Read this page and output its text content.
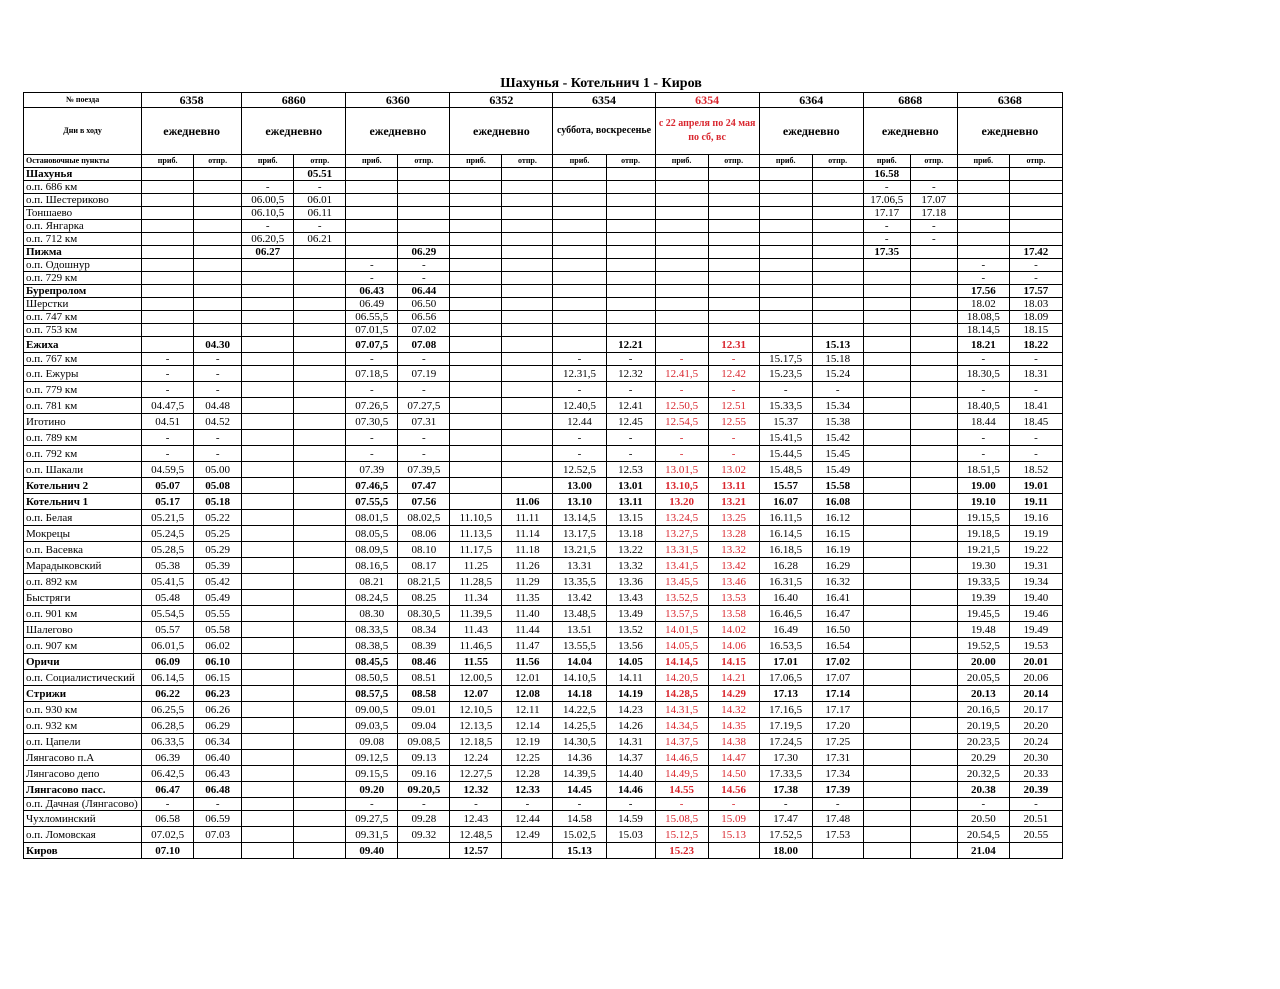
Шахунья - Котельнич 1 - Киров
№ поезда	6358		6860		6360		6352		6354		6354		6364		6868		6368	
Дни в ходу	ежедневно		ежедневно		ежедневно		ежедневно		суббота, воскресенье		с 22 апреля по 24 мая по сб, вс		ежедневно		ежедневно		ежедневно	
Остановочные пункты	приб.	отпр.	приб.	отпр.	приб.	отпр.	приб.	отпр.	приб.	отпр.	приб.	отпр.	приб.	отпр.	приб.	отпр.	приб.	отпр.
Шахунья				05.51											16.58			
о.п. 686 км			-	-											-	-		
о.п. Шестериково			06.00,5	06.01											17.06,5	17.07		
Тоншаево			06.10,5	06.11											17.17	17.18		
о.п. Янгарка			-	-											-	-		
о.п. 712 км			06.20,5	06.21											-	-		
Пижма			06.27			06.29									17.35			17.42
о.п. Одошнур					-	-											-	-
о.п. 729 км					-	-											-	-
Бурепролом					06.43	06.44											17.56	17.57
Шерстки					06.49	06.50											18.02	18.03
о.п. 747 км					06.55,5	06.56											18.08,5	18.09
о.п. 753 км					07.01,5	07.02											18.14,5	18.15
Ежиха		04.30			07.07,5	07.08				12.21		12.31		15.13			18.21	18.22
о.п. 767 км	-	-			-	-			-	-	-	-	15.17,5	15.18			-	-
о.п. Ежуры	-	-			07.18,5	07.19			12.31,5	12.32	12.41,5	12.42	15.23,5	15.24			18.30,5	18.31
о.п. 779 км	-	-			-	-			-	-	-	-	-	-			-	-
о.п. 781 км	04.47,5	04.48			07.26,5	07.27,5			12.40,5	12.41	12.50,5	12.51	15.33,5	15.34			18.40,5	18.41
Иготино	04.51	04.52			07.30,5	07.31			12.44	12.45	12.54,5	12.55	15.37	15.38			18.44	18.45
о.п. 789 км	-	-			-	-			-	-	-	-	15.41,5	15.42			-	-
о.п. 792 км	-	-			-	-			-	-	-	-	15.44,5	15.45			-	-
о.п. Шакали	04.59,5	05.00			07.39	07.39,5			12.52,5	12.53	13.01,5	13.02	15.48,5	15.49			18.51,5	18.52
Котельнич 2	05.07	05.08			07.46,5	07.47			13.00	13.01	13.10,5	13.11	15.57	15.58			19.00	19.01
Котельнич 1	05.17	05.18			07.55,5	07.56		11.06	13.10	13.11	13.20	13.21	16.07	16.08			19.10	19.11
о.п. Белая	05.21,5	05.22			08.01,5	08.02,5	11.10,5	11.11	13.14,5	13.15	13.24,5	13.25	16.11,5	16.12			19.15,5	19.16
Мокрецы	05.24,5	05.25			08.05,5	08.06	11.13,5	11.14	13.17,5	13.18	13.27,5	13.28	16.14,5	16.15			19.18,5	19.19
о.п. Васевка	05.28,5	05.29			08.09,5	08.10	11.17,5	11.18	13.21,5	13.22	13.31,5	13.32	16.18,5	16.19			19.21,5	19.22
Марадыковский	05.38	05.39			08.16,5	08.17	11.25	11.26	13.31	13.32	13.41,5	13.42	16.28	16.29			19.30	19.31
о.п. 892 км	05.41,5	05.42			08.21	08.21,5	11.28,5	11.29	13.35,5	13.36	13.45,5	13.46	16.31,5	16.32			19.33,5	19.34
Быстряги	05.48	05.49			08.24,5	08.25	11.34	11.35	13.42	13.43	13.52,5	13.53	16.40	16.41			19.39	19.40
о.п. 901 км	05.54,5	05.55			08.30	08.30,5	11.39,5	11.40	13.48,5	13.49	13.57,5	13.58	16.46,5	16.47			19.45,5	19.46
Шалегово	05.57	05.58			08.33,5	08.34	11.43	11.44	13.51	13.52	14.01,5	14.02	16.49	16.50			19.48	19.49
о.п. 907 км	06.01,5	06.02			08.38,5	08.39	11.46,5	11.47	13.55,5	13.56	14.05,5	14.06	16.53,5	16.54			19.52,5	19.53
Оричи	06.09	06.10			08.45,5	08.46	11.55	11.56	14.04	14.05	14.14,5	14.15	17.01	17.02			20.00	20.01
о.п. Социалистический	06.14,5	06.15			08.50,5	08.51	12.00,5	12.01	14.10,5	14.11	14.20,5	14.21	17.06,5	17.07			20.05,5	20.06
Стрижи	06.22	06.23			08.57,5	08.58	12.07	12.08	14.18	14.19	14.28,5	14.29	17.13	17.14			20.13	20.14
о.п. 930 км	06.25,5	06.26			09.00,5	09.01	12.10,5	12.11	14.22,5	14.23	14.31,5	14.32	17.16,5	17.17			20.16,5	20.17
о.п. 932 км	06.28,5	06.29			09.03,5	09.04	12.13,5	12.14	14.25,5	14.26	14.34,5	14.35	17.19,5	17.20			20.19,5	20.20
о.п. Цапели	06.33,5	06.34			09.08	09.08,5	12.18,5	12.19	14.30,5	14.31	14.37,5	14.38	17.24,5	17.25			20.23,5	20.24
Лянгасово п.А	06.39	06.40			09.12,5	09.13	12.24	12.25	14.36	14.37	14.46,5	14.47	17.30	17.31			20.29	20.30
Лянгасово депо	06.42,5	06.43			09.15,5	09.16	12.27,5	12.28	14.39,5	14.40	14.49,5	14.50	17.33,5	17.34			20.32,5	20.33
Лянгасово пасс.	06.47	06.48			09.20	09.20,5	12.32	12.33	14.45	14.46	14.55	14.56	17.38	17.39			20.38	20.39
о.п. Дачная (Лянгасово)	-	-			-	-	-	-	-	-	-	-	-	-			-	-
Чухломинский	06.58	06.59			09.27,5	09.28	12.43	12.44	14.58	14.59	15.08,5	15.09	17.47	17.48			20.50	20.51
о.п. Ломовская	07.02,5	07.03			09.31,5	09.32	12.48,5	12.49	15.02,5	15.03	15.12,5	15.13	17.52,5	17.53			20.54,5	20.55
Киров	07.10				09.40		12.57		15.13		15.23		18.00				21.04	
